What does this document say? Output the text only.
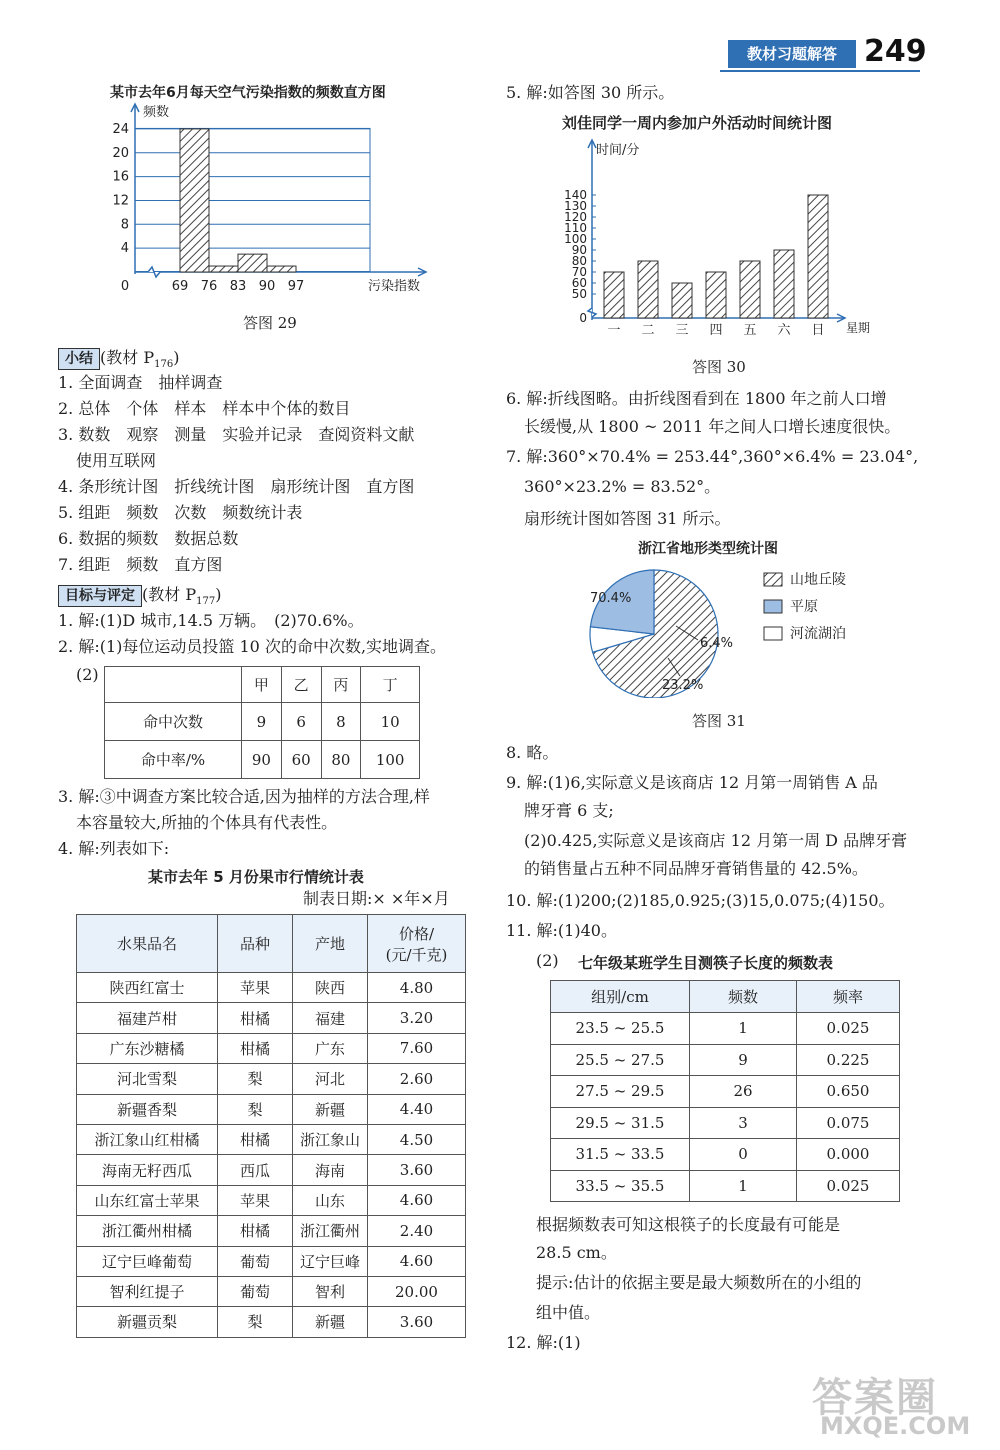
教材习题解答 249
某市去年6月每天空气污染指数的频数直方图
4
8
12
16
20
24
频数
污染指数
0	69 76 83 90 97
答图 29
小结 (教材 $P_{176}$)
1. 全面调查　抽样调查
2. 总体　个体　样本　样本中个体的数目
3. 数数　观察　测量　实验并记录　查阅资料文献
使用互联网
4. 条形统计图　折线统计图　扇形统计图　直方图
5. 组距　频数　次数　频数统计表
6. 数据的频数　数据总数
7. 组距　频数　直方图
目标与评定 (教材 $P_{177}$)
1. 解:(1)D 城市,14.5 万辆。　(2)70.6%。
2. 解:(1)每位运动员投篮 10 次的命中次数,实地调查。
(2)
	甲	乙	丙	丁
命中次数	9	6	8	10
命中率/%	90	60	80	100
3. 解:③中调查方案比较合适,因为抽样的方法合理,样
本容量较大,所抽的个体具有代表性。
4. 解:列表如下:
某市去年 5 月份果市行情统计表
制表日期:× ×年×月
水果品名	品种	产地	价格/
(元/千克)
陕西红富士	苹果	陕西	4.80
福建芦柑	柑橘	福建	3.20
广东沙糖橘	柑橘	广东	7.60
河北雪梨	梨	河北	2.60
新疆香梨	梨	新疆	4.40
浙江象山红柑橘	柑橘	浙江象山	4.50
海南无籽西瓜	西瓜	海南	3.60
山东红富士苹果	苹果	山东	4.60
浙江衢州柑橘	柑橘	浙江衢州	2.40
辽宁巨峰葡萄	葡萄	辽宁巨峰	4.60
智利红提子	葡萄	智利	20.00
新疆贡梨	梨	新疆	3.60
5. 解:如答图 30 所示。
刘佳同学一周内参加户外活动时间统计图
0
50
60
70
80
90
100
110
120
130
140
时间/分
星期
一 二 三 四 五 六 日
答图 30
6. 解:折线图略。由折线图看到在 1800 年之前人口增
长缓慢,从 1800 ~ 2011 年之间人口增长速度很快。
7. 解:360°×70.4% = 253.44°,360°×6.4% = 23.04°,
360°×23.2% = 83.52°。
扇形统计图如答图 31 所示。
浙江省地形类型统计图
70.4%
6.4%
23.2%
山地丘陵
平原
河流湖泊
答图 31
8. 略。
9. 解:(1)6,实际意义是该商店 12 月第一周销售 A 品
牌牙膏 6 支;
(2)0.425,实际意义是该商店 12 月第一周 D 品牌牙膏
的销售量占五种不同品牌牙膏销售量的 42.5%。
10. 解:(1)200;(2)185,0.925;(3)15,0.075;(4)150。
11. 解:(1)40。
(2) 七年级某班学生目测筷子长度的频数表
组别/cm	频数	频率
23.5 ~ 25.5	1	0.025
25.5 ~ 27.5	9	0.225
27.5 ~ 29.5	26	0.650
29.5 ~ 31.5	3	0.075
31.5 ~ 33.5	0	0.000
33.5 ~ 35.5	1	0.025
根据频数表可知这根筷子的长度最有可能是
28.5 cm。
提示:估计的依据主要是最大频数所在的小组的
组中值。
12. 解:(1)
答案圈
MXQE.COM
